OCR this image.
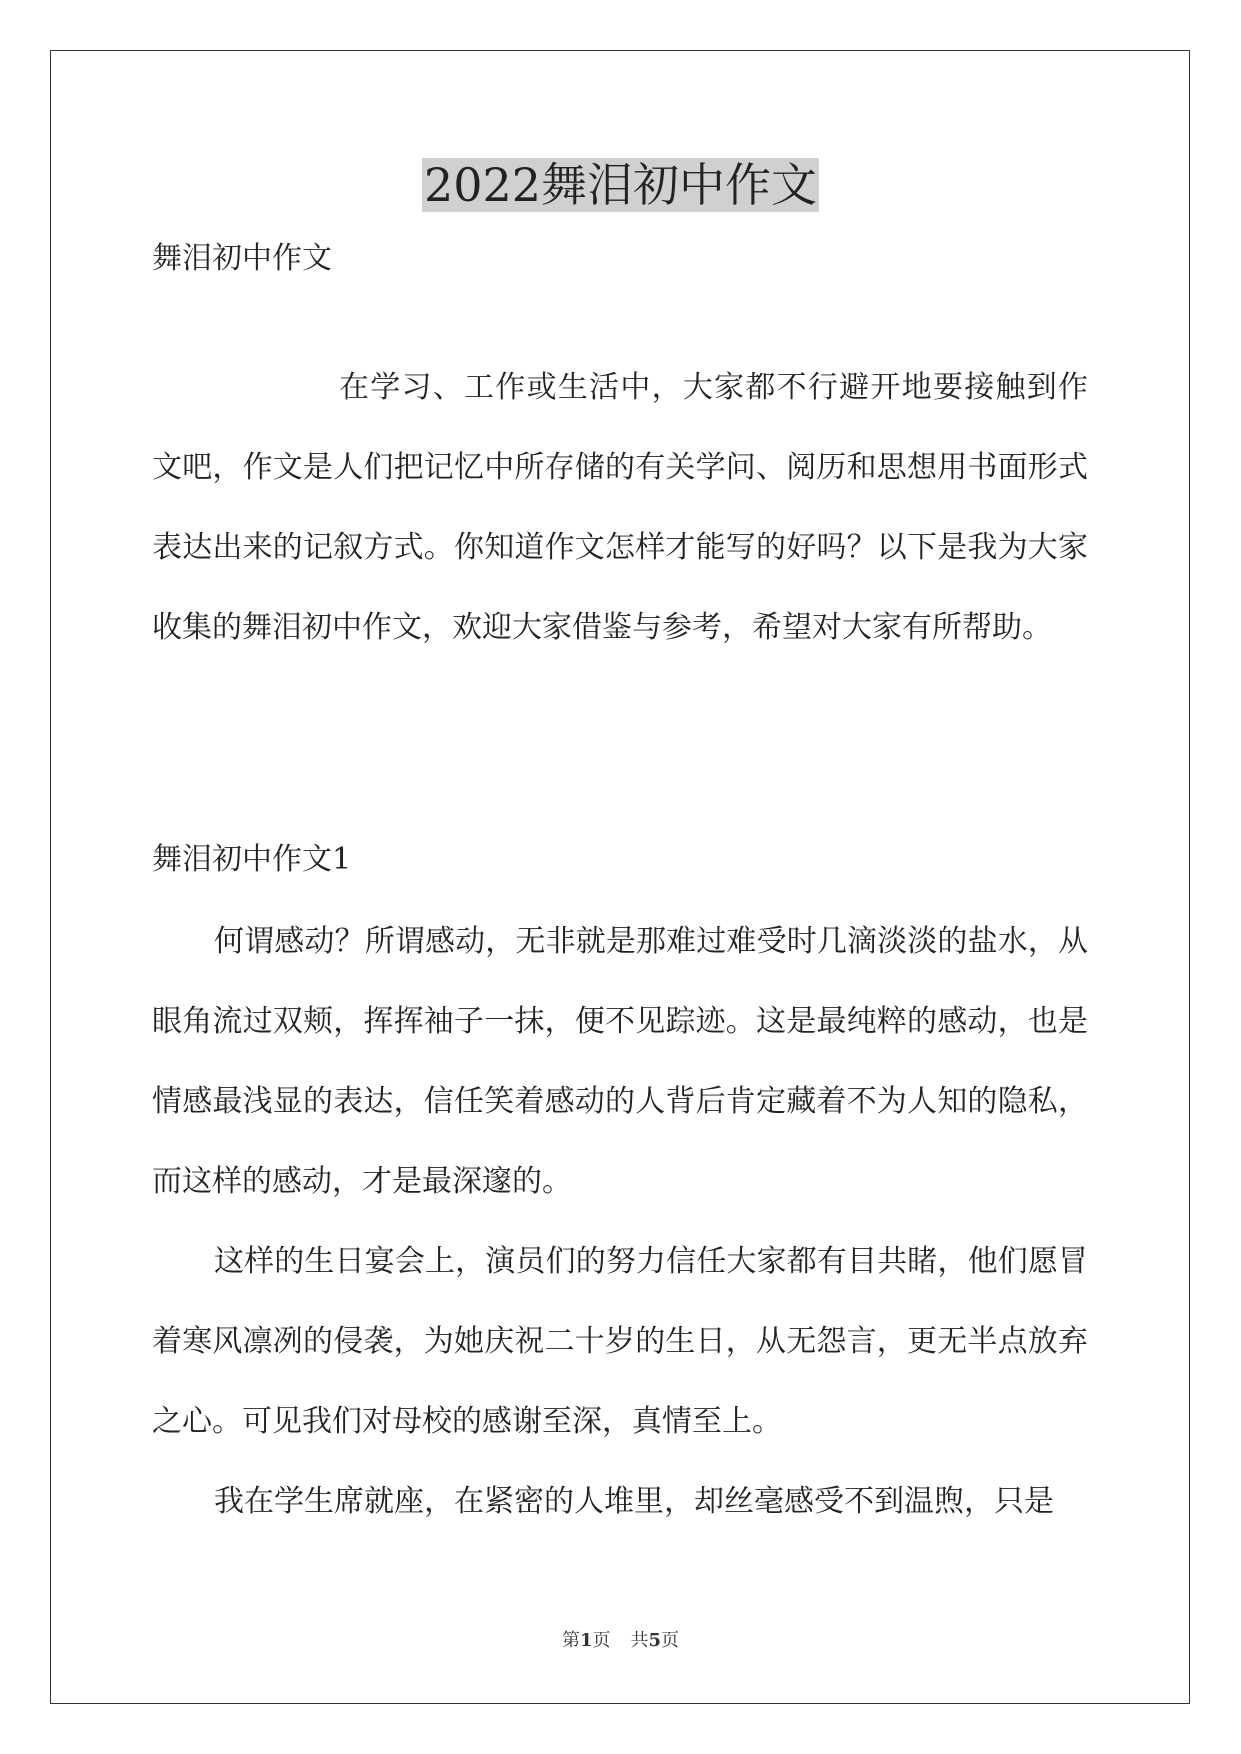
2022舞泪初中作文
舞泪初中作文

在学习、工作或生活中，大家都不行避开地要接触到作文吧，作文是人们把记忆中所存储的有关学问、阅历和思想用书面形式表达出来的记叙方式。你知道作文怎样才能写的好吗？以下是我为大家收集的舞泪初中作文，欢迎大家借鉴与参考，希望对大家有所帮助。

舞泪初中作文1

何谓感动？所谓感动，无非就是那难过难受时几滴淡淡的盐水，从眼角流过双颊，挥挥袖子一抹，便不见踪迹。这是最纯粹的感动，也是情感最浅显的表达，信任笑着感动的人背后肯定藏着不为人知的隐私，而这样的感动，才是最深邃的。

这样的生日宴会上，演员们的努力信任大家都有目共睹，他们愿冒着寒风凛冽的侵袭，为她庆祝二十岁的生日，从无怨言，更无半点放弃之心。可见我们对母校的感谢至深，真情至上。

我在学生席就座，在紧密的人堆里，却丝毫感受不到温煦，只是

第1页 共5页
